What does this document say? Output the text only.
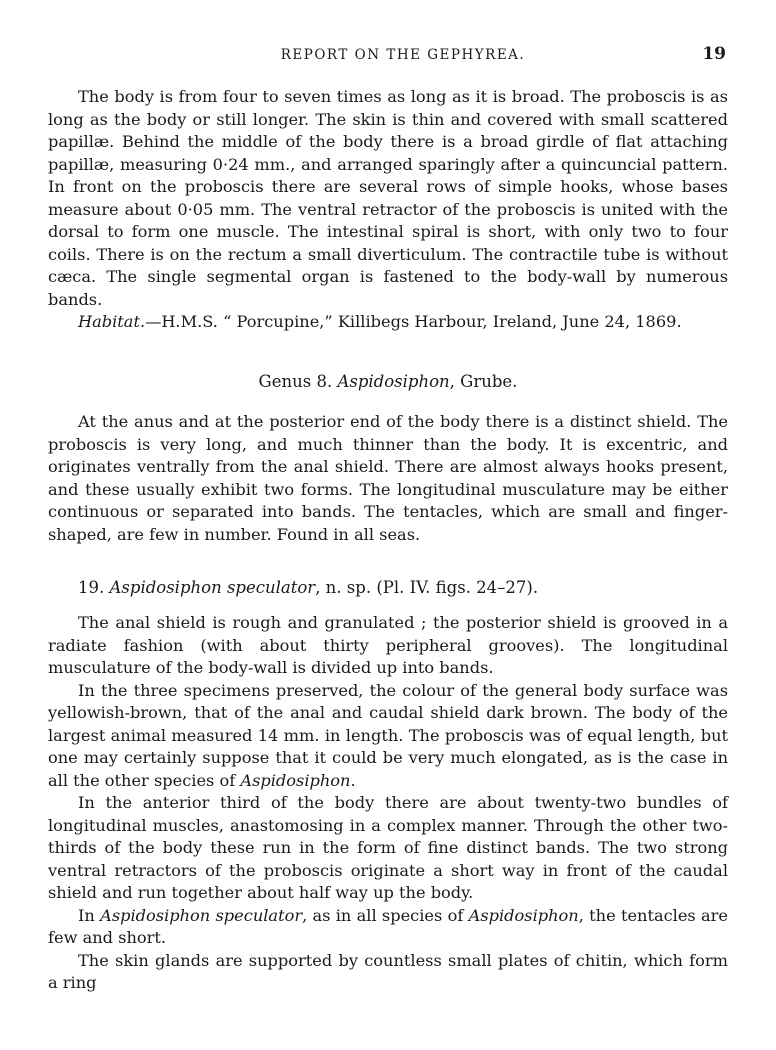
REPORT ON THE GEPHYREA.	19

The body is from four to seven times as long as it is broad. The proboscis is as long as the body or still longer. The skin is thin and covered with small scattered papillæ. Behind the middle of the body there is a broad girdle of flat attaching papillæ, measuring 0·24 mm., and arranged sparingly after a quincuncial pattern. In front on the proboscis there are several rows of simple hooks, whose bases measure about 0·05 mm. The ventral retractor of the proboscis is united with the dorsal to form one muscle. The intestinal spiral is short, with only two to four coils. There is on the rectum a small diverticulum. The contractile tube is without cæca. The single segmental organ is fastened to the body-wall by numerous bands.

Habitat.—H.M.S. “ Porcupine,” Killibegs Harbour, Ireland, June 24, 1869.

Genus 8. Aspidosiphon, Grube.

At the anus and at the posterior end of the body there is a distinct shield. The proboscis is very long, and much thinner than the body. It is excentric, and originates ventrally from the anal shield. There are almost always hooks present, and these usually exhibit two forms. The longitudinal musculature may be either continuous or separated into bands. The tentacles, which are small and finger-shaped, are few in number. Found in all seas.

19. Aspidosiphon speculator, n. sp. (Pl. IV. figs. 24–27).

The anal shield is rough and granulated ; the posterior shield is grooved in a radiate fashion (with about thirty peripheral grooves). The longitudinal musculature of the body-wall is divided up into bands.

In the three specimens preserved, the colour of the general body surface was yellowish-brown, that of the anal and caudal shield dark brown. The body of the largest animal measured 14 mm. in length. The proboscis was of equal length, but one may certainly suppose that it could be very much elongated, as is the case in all the other species of Aspidosiphon.

In the anterior third of the body there are about twenty-two bundles of longitudinal muscles, anastomosing in a complex manner. Through the other two-thirds of the body these run in the form of fine distinct bands. The two strong ventral retractors of the proboscis originate a short way in front of the caudal shield and run together about half way up the body.

In Aspidosiphon speculator, as in all species of Aspidosiphon, the tentacles are few and short.

The skin glands are supported by countless small plates of chitin, which form a ring
